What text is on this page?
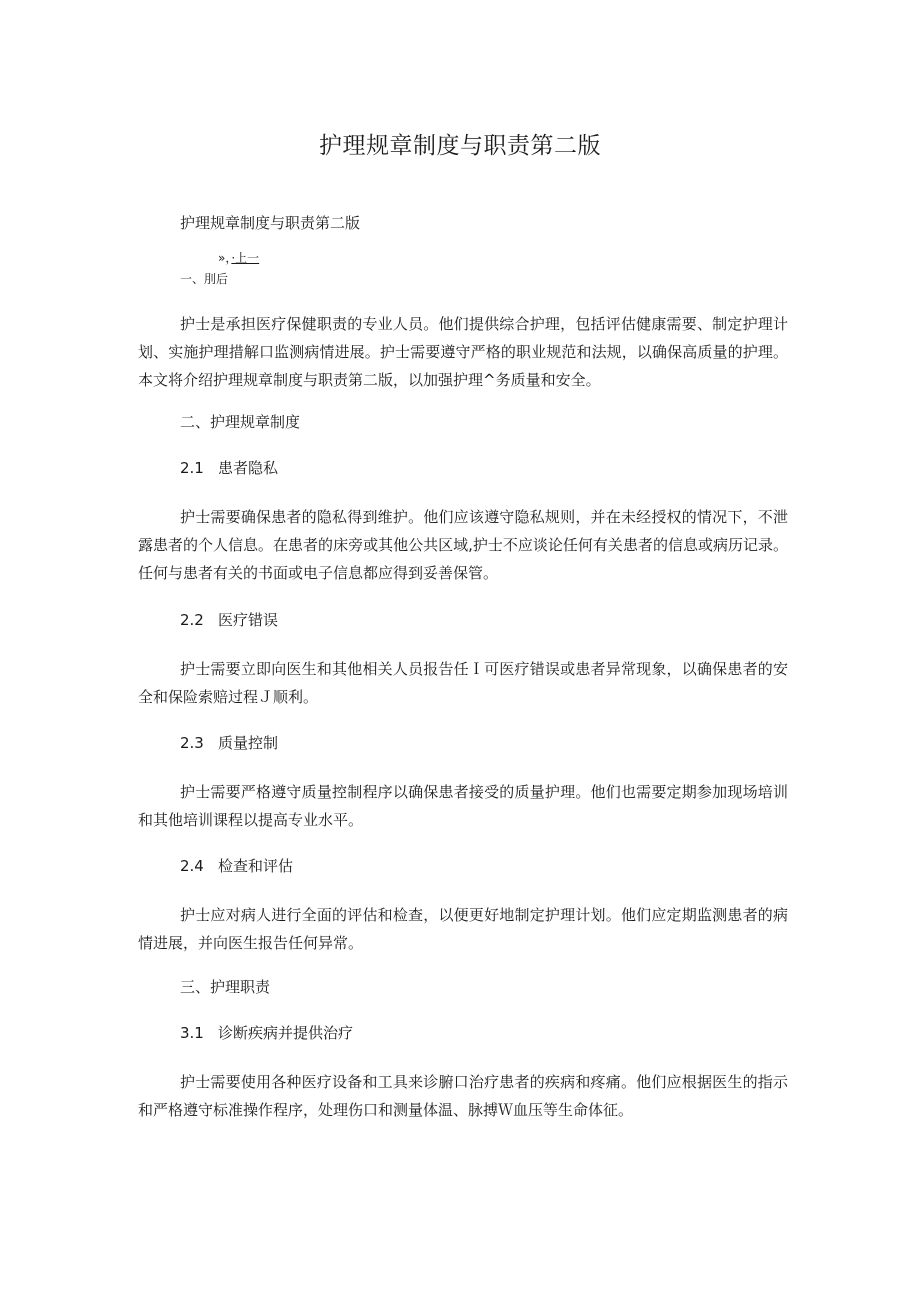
护理规章制度与职责第二版
护理规章制度与职责第二版
»，·上一
一、刖后
护士是承担医疗保健职责的专业人员。他们提供综合护理，包括评估健康需要、制定护理计划、实施护理措解口监测病情进展。护士需要遵守严格的职业规范和法规，以确保高质量的护理。本文将介绍护理规章制度与职责第二版，以加强护理^务质量和安全。
二、护理规章制度
2.1 患者隐私
护士需要确保患者的隐私得到维护。他们应该遵守隐私规则，并在未经授权的情况下，不泄露患者的个人信息。在患者的床旁或其他公共区域,护士不应谈论任何有关患者的信息或病历记录。任何与患者有关的书面或电子信息都应得到妥善保管。
2.2 医疗错误
护士需要立即向医生和其他相关人员报告任Ｉ可医疗错误或患者异常现象，以确保患者的安全和保险索赔过程Ｊ顺利。
2.3 质量控制
护士需要严格遵守质量控制程序以确保患者接受的质量护理。他们也需要定期参加现场培训和其他培训课程以提高专业水平。
2.4 检查和评估
护士应对病人进行全面的评估和检查，以便更好地制定护理计划。他们应定期监测患者的病情进展，并向医生报告任何异常。
三、护理职责
3.1 诊断疾病并提供治疗
护士需要使用各种医疗设备和工具来诊腑口治疗患者的疾病和疼痛。他们应根据医生的指示和严格遵守标准操作程序，处理伤口和测量体温、脉搏Ｗ血压等生命体征。
